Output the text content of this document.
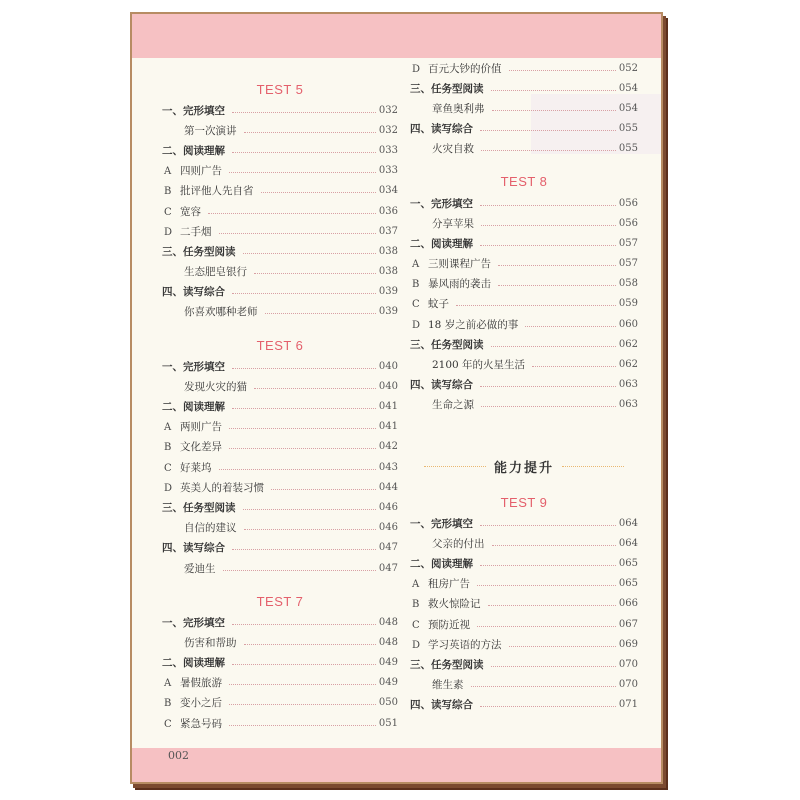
TEST 5
一、完形填空	032
第一次演讲	032
二、阅读理解	033
A 四则广告	033
B 批评他人先自省	034
C 宽容	036
D 二手烟	037
三、任务型阅读	038
生态肥皂银行	038
四、读写综合	039
你喜欢哪种老师	039
TEST 6
一、完形填空	040
发现火灾的猫	040
二、阅读理解	041
A 两则广告	041
B 文化差异	042
C 好莱坞	043
D 英美人的着装习惯	044
三、任务型阅读	046
自信的建议	046
四、读写综合	047
爱迪生	047
TEST 7
一、完形填空	048
伤害和帮助	048
二、阅读理解	049
A 暑假旅游	049
B 变小之后	050
C 紧急号码	051
D 百元大钞的价值	052
三、任务型阅读	054
章鱼奥利弗	054
四、读写综合	055
火灾自救	055
TEST 8
一、完形填空	056
分享苹果	056
二、阅读理解	057
A 三则课程广告	057
B 暴风雨的袭击	058
C 蚊子	059
D 18 岁之前必做的事	060
三、任务型阅读	062
2100 年的火星生活	062
四、读写综合	063
生命之源	063
能力提升
TEST 9
一、完形填空	064
父亲的付出	064
二、阅读理解	065
A 租房广告	065
B 救火惊险记	066
C 预防近视	067
D 学习英语的方法	069
三、任务型阅读	070
维生素	070
四、读写综合	071
002
